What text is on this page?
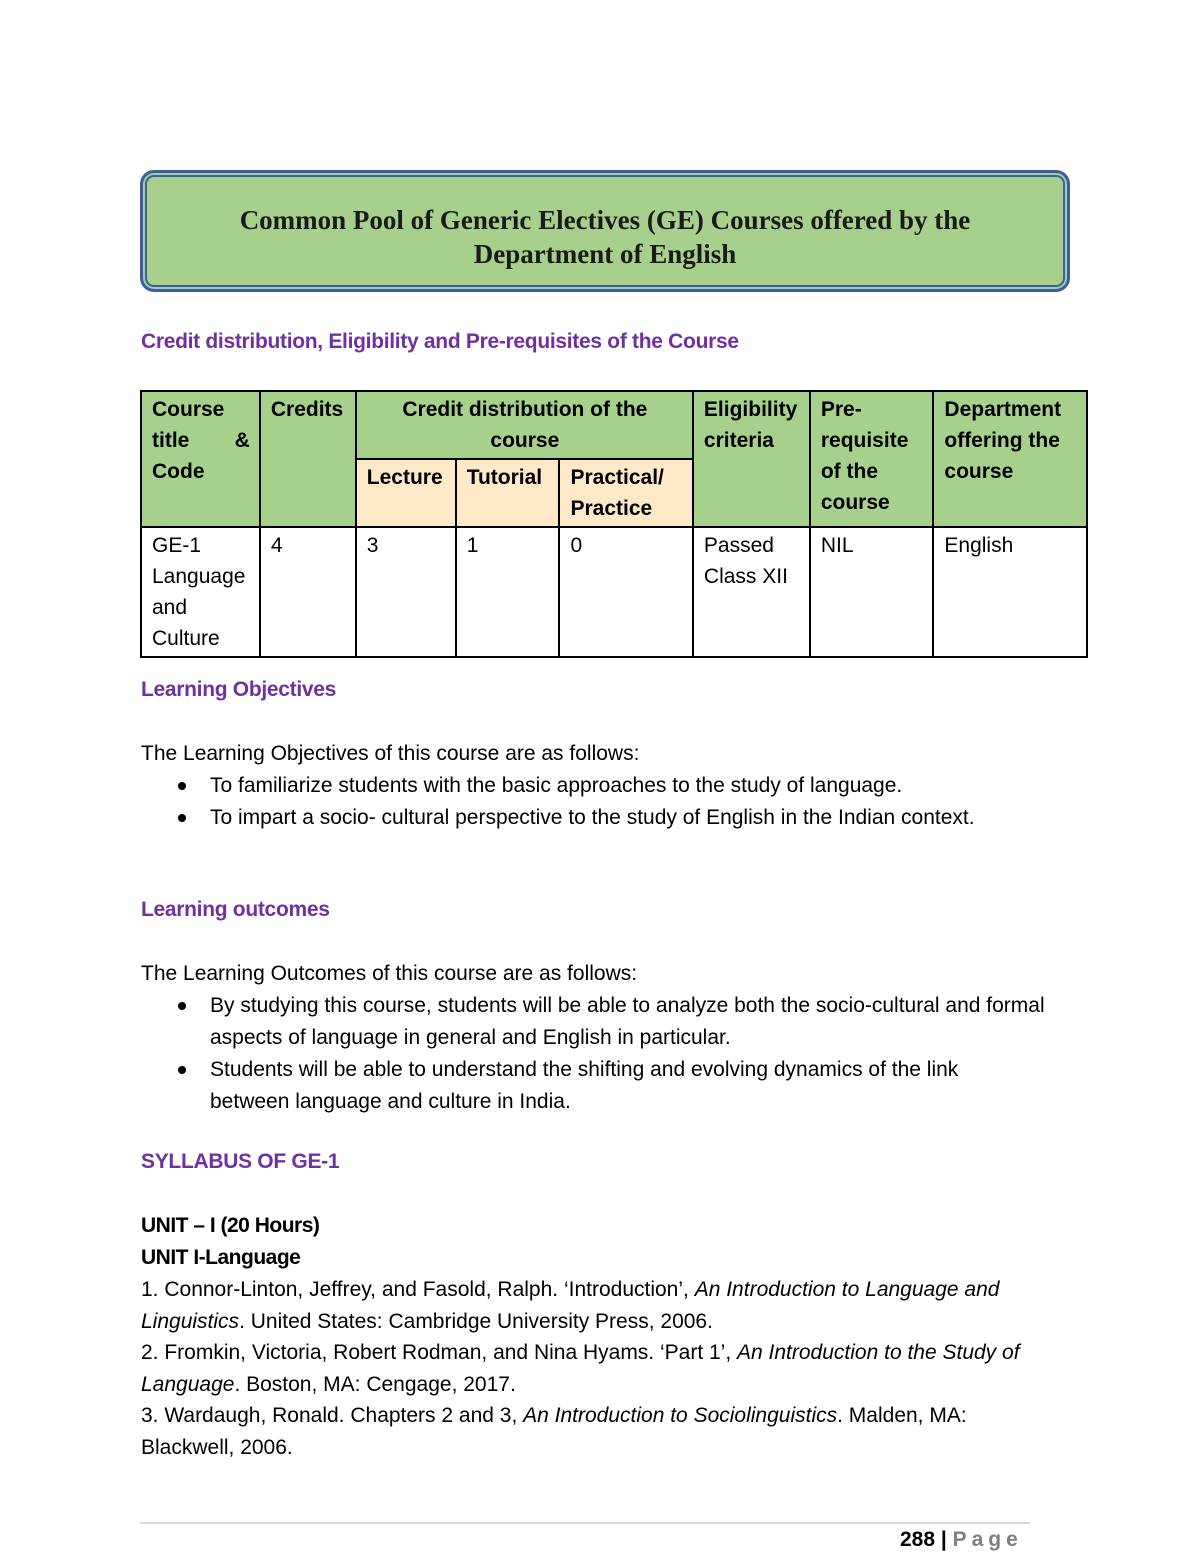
Common Pool of Generic Electives (GE) Courses offered by the
Department of English
Credit distribution, Eligibility and Pre-requisites of the Course
Course title & Code	Credits	Credit distribution of the course			Eligibility criteria	Pre-requisite of the course	Department offering the course
		Lecture	Tutorial	Practical/ Practice			
GE-1 Language and Culture	4	3	1	0	Passed Class XII	NIL	English
Learning Objectives
The Learning Objectives of this course are as follows:
To familiarize students with the basic approaches to the study of language.
To impart a socio- cultural perspective to the study of English in the Indian context.
Learning outcomes
The Learning Outcomes of this course are as follows:
By studying this course, students will be able to analyze both the socio-cultural and formal aspects of language in general and English in particular.
Students will be able to understand the shifting and evolving dynamics of the link between language and culture in India.
SYLLABUS OF GE-1
UNIT – I (20 Hours)
UNIT I-Language

1. Connor-Linton, Jeffrey, and Fasold, Ralph. ‘Introduction’, An Introduction to Language and Linguistics. United States: Cambridge University Press, 2006.

2. Fromkin, Victoria, Robert Rodman, and Nina Hyams. ‘Part 1’, An Introduction to the Study of Language. Boston, MA: Cengage, 2017.

3. Wardaugh, Ronald. Chapters 2 and 3, An Introduction to Sociolinguistics. Malden, MA: Blackwell, 2006.

288 | Page
